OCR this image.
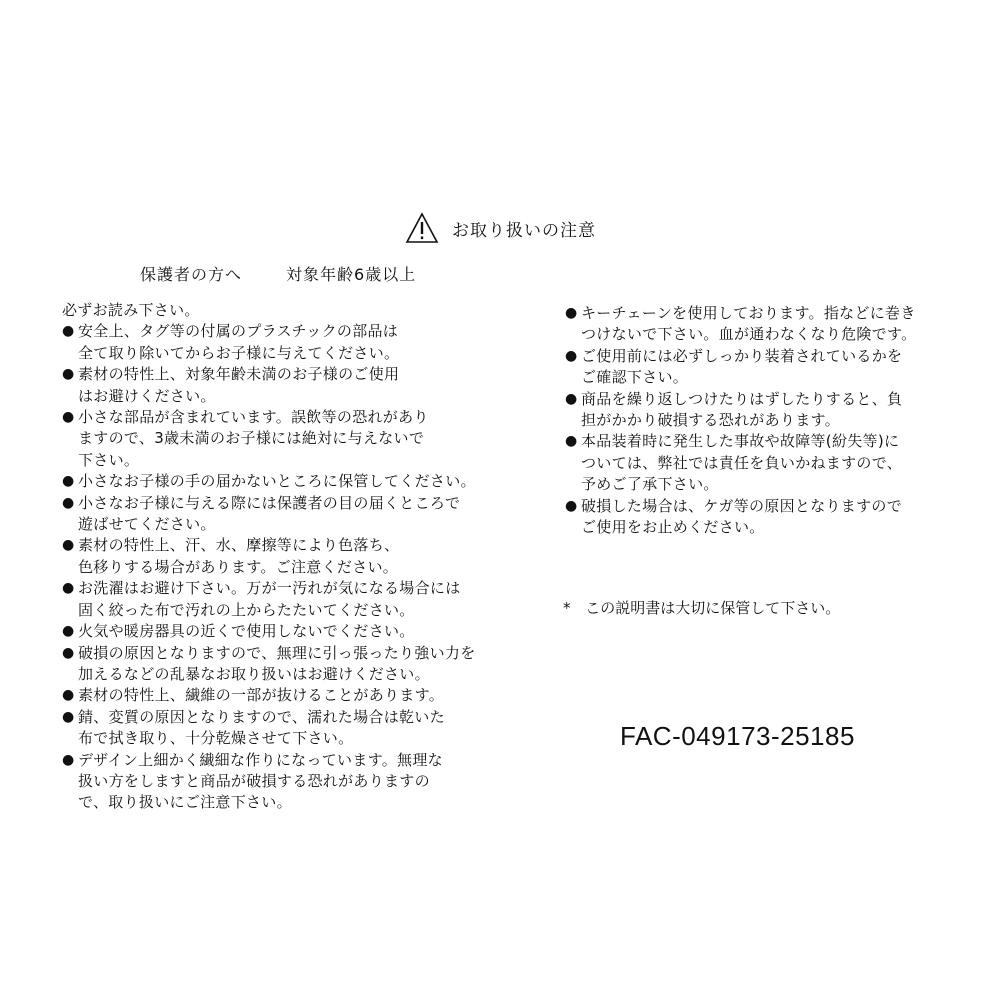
お取り扱いの注意
保護者の方へ	対象年齢6歳以上
必ずお読み下さい。
● 安全上、タグ等の付属のプラスチックの部品は
全て取り除いてからお子様に与えてください。
● 素材の特性上、対象年齢未満のお子様のご使用
はお避けください。
● 小さな部品が含まれています。誤飲等の恐れがあり
ますので、3歳未満のお子様には絶対に与えないで
下さい。
● 小さなお子様の手の届かないところに保管してください。
● 小さなお子様に与える際には保護者の目の届くところで
遊ばせてください。
● 素材の特性上、汗、水、摩擦等により色落ち、
色移りする場合があります。ご注意ください。
● お洗濯はお避け下さい。万が一汚れが気になる場合には
固く絞った布で汚れの上からたたいてください。
● 火気や暖房器具の近くで使用しないでください。
● 破損の原因となりますので、無理に引っ張ったり強い力を
加えるなどの乱暴なお取り扱いはお避けください。
● 素材の特性上、繊維の一部が抜けることがあります。
● 錆、変質の原因となりますので、濡れた場合は乾いた
布で拭き取り、十分乾燥させて下さい。
● デザイン上細かく繊細な作りになっています。無理な
扱い方をしますと商品が破損する恐れがありますの
で、取り扱いにご注意下さい。
● キーチェーンを使用しております。指などに巻き
つけないで下さい。血が通わなくなり危険です。
● ご使用前には必ずしっかり装着されているかを
ご確認下さい。
● 商品を繰り返しつけたりはずしたりすると、負
担がかかり破損する恐れがあります。
● 本品装着時に発生した事故や故障等(紛失等)に
ついては、弊社では責任を負いかねますので、
予めご了承下さい。
● 破損した場合は、ケガ等の原因となりますので
ご使用をお止めください。
* この説明書は大切に保管して下さい。
FAC-049173-25185
